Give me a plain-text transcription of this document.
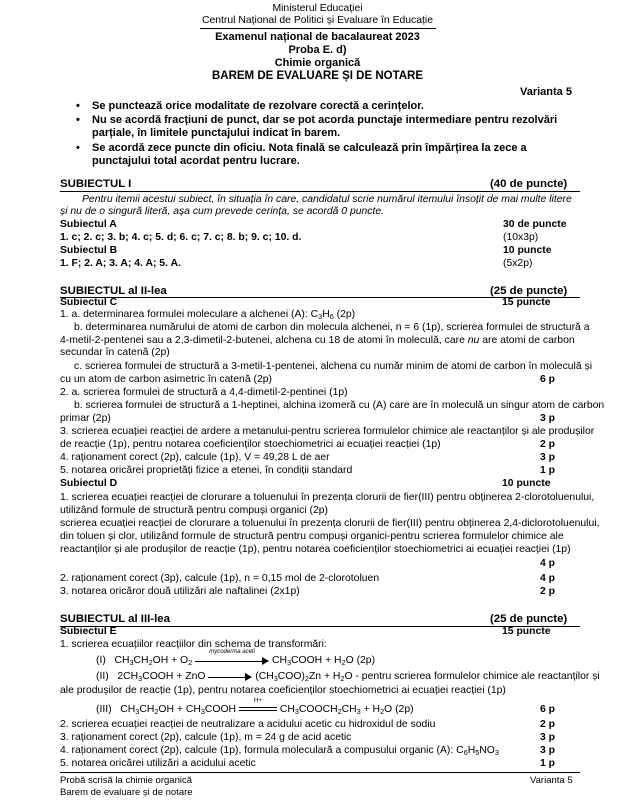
Ministerul Educației
Centrul Național de Politici și Evaluare în Educație
Examenul național de bacalaureat 2023
Proba E. d)
Chimie organică
BAREM DE EVALUARE ȘI DE NOTARE
Varianta 5
• Se punctează orice modalitate de rezolvare corectă a cerințelor.
• Nu se acordă fracțiuni de punct, dar se pot acorda punctaje intermediare pentru rezolvări
parțiale, în limitele punctajului indicat în barem.
• Se acordă zece puncte din oficiu. Nota finală se calculează prin împărțirea la zece a
punctajului total acordat pentru lucrare.
SUBIECTUL I	(40 de puncte)
Pentru itemii acestui subiect, în situația în care, candidatul scrie numărul itemului însoțit de mai multe litere
și nu de o singură literă, așa cum prevede cerința, se acordă 0 puncte.
Subiectul A	30 de puncte
1. c; 2. c; 3. b; 4. c; 5. d; 6. c; 7. c; 8. b; 9. c; 10. d.	(10x3p)
Subiectul B	10 puncte
1. F; 2. A; 3. A; 4. A; 5. A.	(5x2p)
SUBIECTUL al II-lea	(25 de puncte)
Subiectul C	15 puncte
1. a. determinarea formulei moleculare a alchenei (A): $C_3H_6$ (2p)
b. determinarea numărului de atomi de carbon din molecula alchenei, n = 6 (1p), scrierea formulei de structură a
4-metil-2-pentenei sau a 2,3-dimetil-2-butenei, alchena cu 18 de atomi în moleculă, care nu are atomi de carbon
secundar în catenă (2p)
c. scrierea formulei de structură a 3-metil-1-pentenei, alchena cu număr minim de atomi de carbon în moleculă și
cu un atom de carbon asimetric în catenă (2p)	6 p
2. a. scrierea formulei de structură a 4,4-dimetil-2-pentinei (1p)
b. scrierea formulei de structură a 1-heptinei, alchina izomeră cu (A) care are în moleculă un singur atom de carbon
primar (2p)	3 p
3. scrierea ecuației reacției de ardere a metanului-pentru scrierea formulelor chimice ale reactanților și ale produșilor
de reacție (1p), pentru notarea coeficienților stoechiometrici ai ecuației reacției (1p)	2 p
4. raționament corect (2p), calcule (1p), V = 49,28 L de aer	3 p
5. notarea oricărei proprietăți fizice a etenei, în condiții standard	1 p
Subiectul D	10 puncte
1. scrierea ecuației reacției de clorurare a toluenului în prezența clorurii de fier(III) pentru obținerea 2-clorotoluenului,
utilizând formule de structură pentru compuși organici (2p)
scrierea ecuației reacției de clorurare a toluenului în prezența clorurii de fier(III) pentru obținerea 2,4-diclorotoluenului,
din toluen și clor, utilizând formule de structură pentru compuși organici-pentru scrierea formulelor chimice ale
reactanților și ale produșilor de reacție (1p), pentru notarea coeficienților stoechiometrici ai ecuației reacției (1p)
4 p
2. raționament corect (3p), calcule (1p), n = 0,15 mol de 2-clorotoluen	4 p
3. notarea oricăror două utilizări ale naftalinei (2x1p)	2 p
SUBIECTUL al III-lea	(25 de puncte)
Subiectul E	15 puncte
1. scrierea ecuațiilor reacțiilor din schema de transformări:
(I) $CH_3CH_2OH + O_2$
mycoderma aceti
$CH_3COOH + H_2O$ (2p)
(II) $2CH_3COOH$ + ZnO	$(CH_3COO)_2Zn + H_2O$ - pentru scrierea formulelor chimice ale reactanților și
ale produșilor de reacție (1p), pentru notarea coeficienților stoechiometrici ai ecuației reacției (1p)
(III) $CH_3CH_2OH$ + $CH_3COOH$
H+
$CH_3COOCH_2CH_3 + H_2O$ (2p)	6 p
2. scrierea ecuației reacției de neutralizare a acidului acetic cu hidroxidul de sodiu	2 p
3. raționament corect (2p), calcule (1p), m = 24 g de acid acetic	3 p
4. raționament corect (2p), calcule (1p), formula moleculară a compusului organic (A): $C_6H_5NO_3$	3 p
5. notarea oricărei utilizări a acidului acetic	1 p
Probă scrisă la chimie organică
Barem de evaluare și de notare
Varianta 5
